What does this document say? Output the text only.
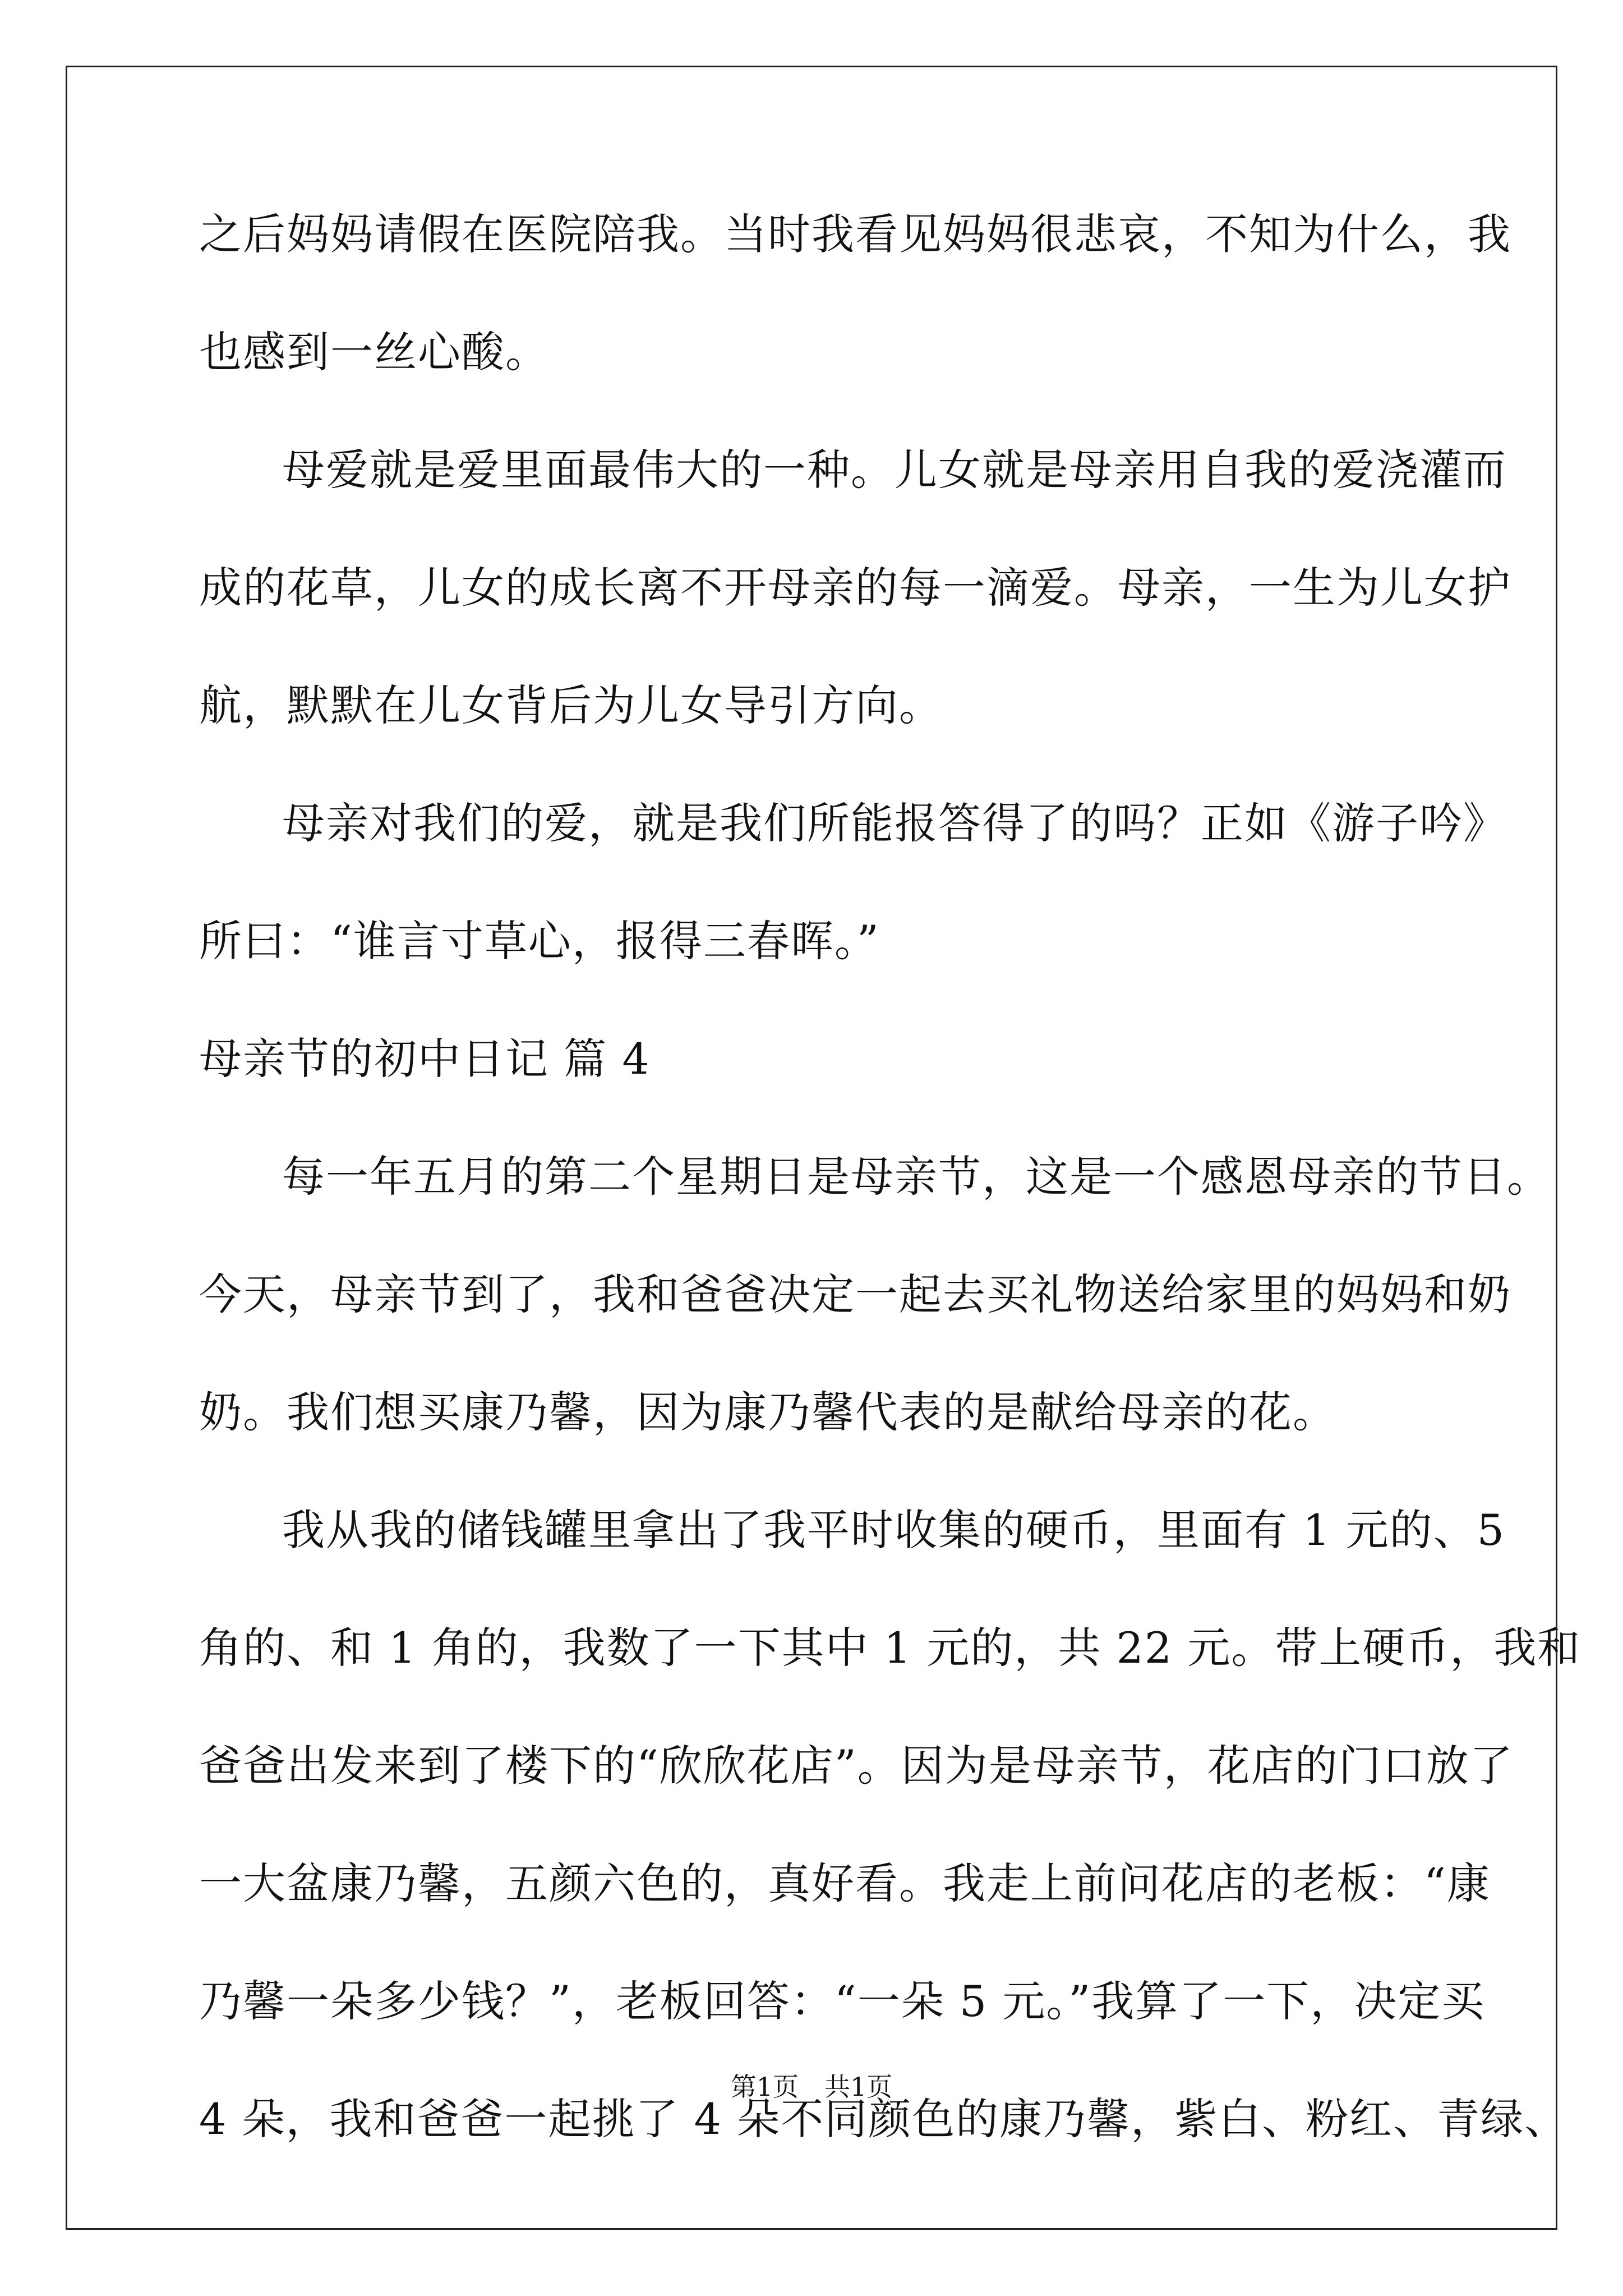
之后妈妈请假在医院陪我。当时我看见妈妈很悲哀，不知为什么，我
也感到一丝心酸。
母爱就是爱里面最伟大的一种。儿女就是母亲用自我的爱浇灌而
成的花草，儿女的成长离不开母亲的每一滴爱。母亲，一生为儿女护
航，默默在儿女背后为儿女导引方向。
母亲对我们的爱，就是我们所能报答得了的吗？正如《游子吟》
所曰：“谁言寸草心，报得三春晖。”
母亲节的初中日记 篇 4
每一年五月的第二个星期日是母亲节，这是一个感恩母亲的节日。
今天，母亲节到了，我和爸爸决定一起去买礼物送给家里的妈妈和奶
奶。我们想买康乃馨，因为康乃馨代表的是献给母亲的花。
我从我的储钱罐里拿出了我平时收集的硬币，里面有 1 元的、5
角的、和 1 角的，我数了一下其中 1 元的，共 22 元。带上硬币，我和
爸爸出发来到了楼下的“欣欣花店”。因为是母亲节，花店的门口放了
一大盆康乃馨，五颜六色的，真好看。我走上前问花店的老板：“康
乃馨一朵多少钱？”，老板回答：“一朵 5 元。”我算了一下，决定买
4 朵，我和爸爸一起挑了 4 朵不同颜色的康乃馨，紫白、粉红、青绿、
第1页　共1页
